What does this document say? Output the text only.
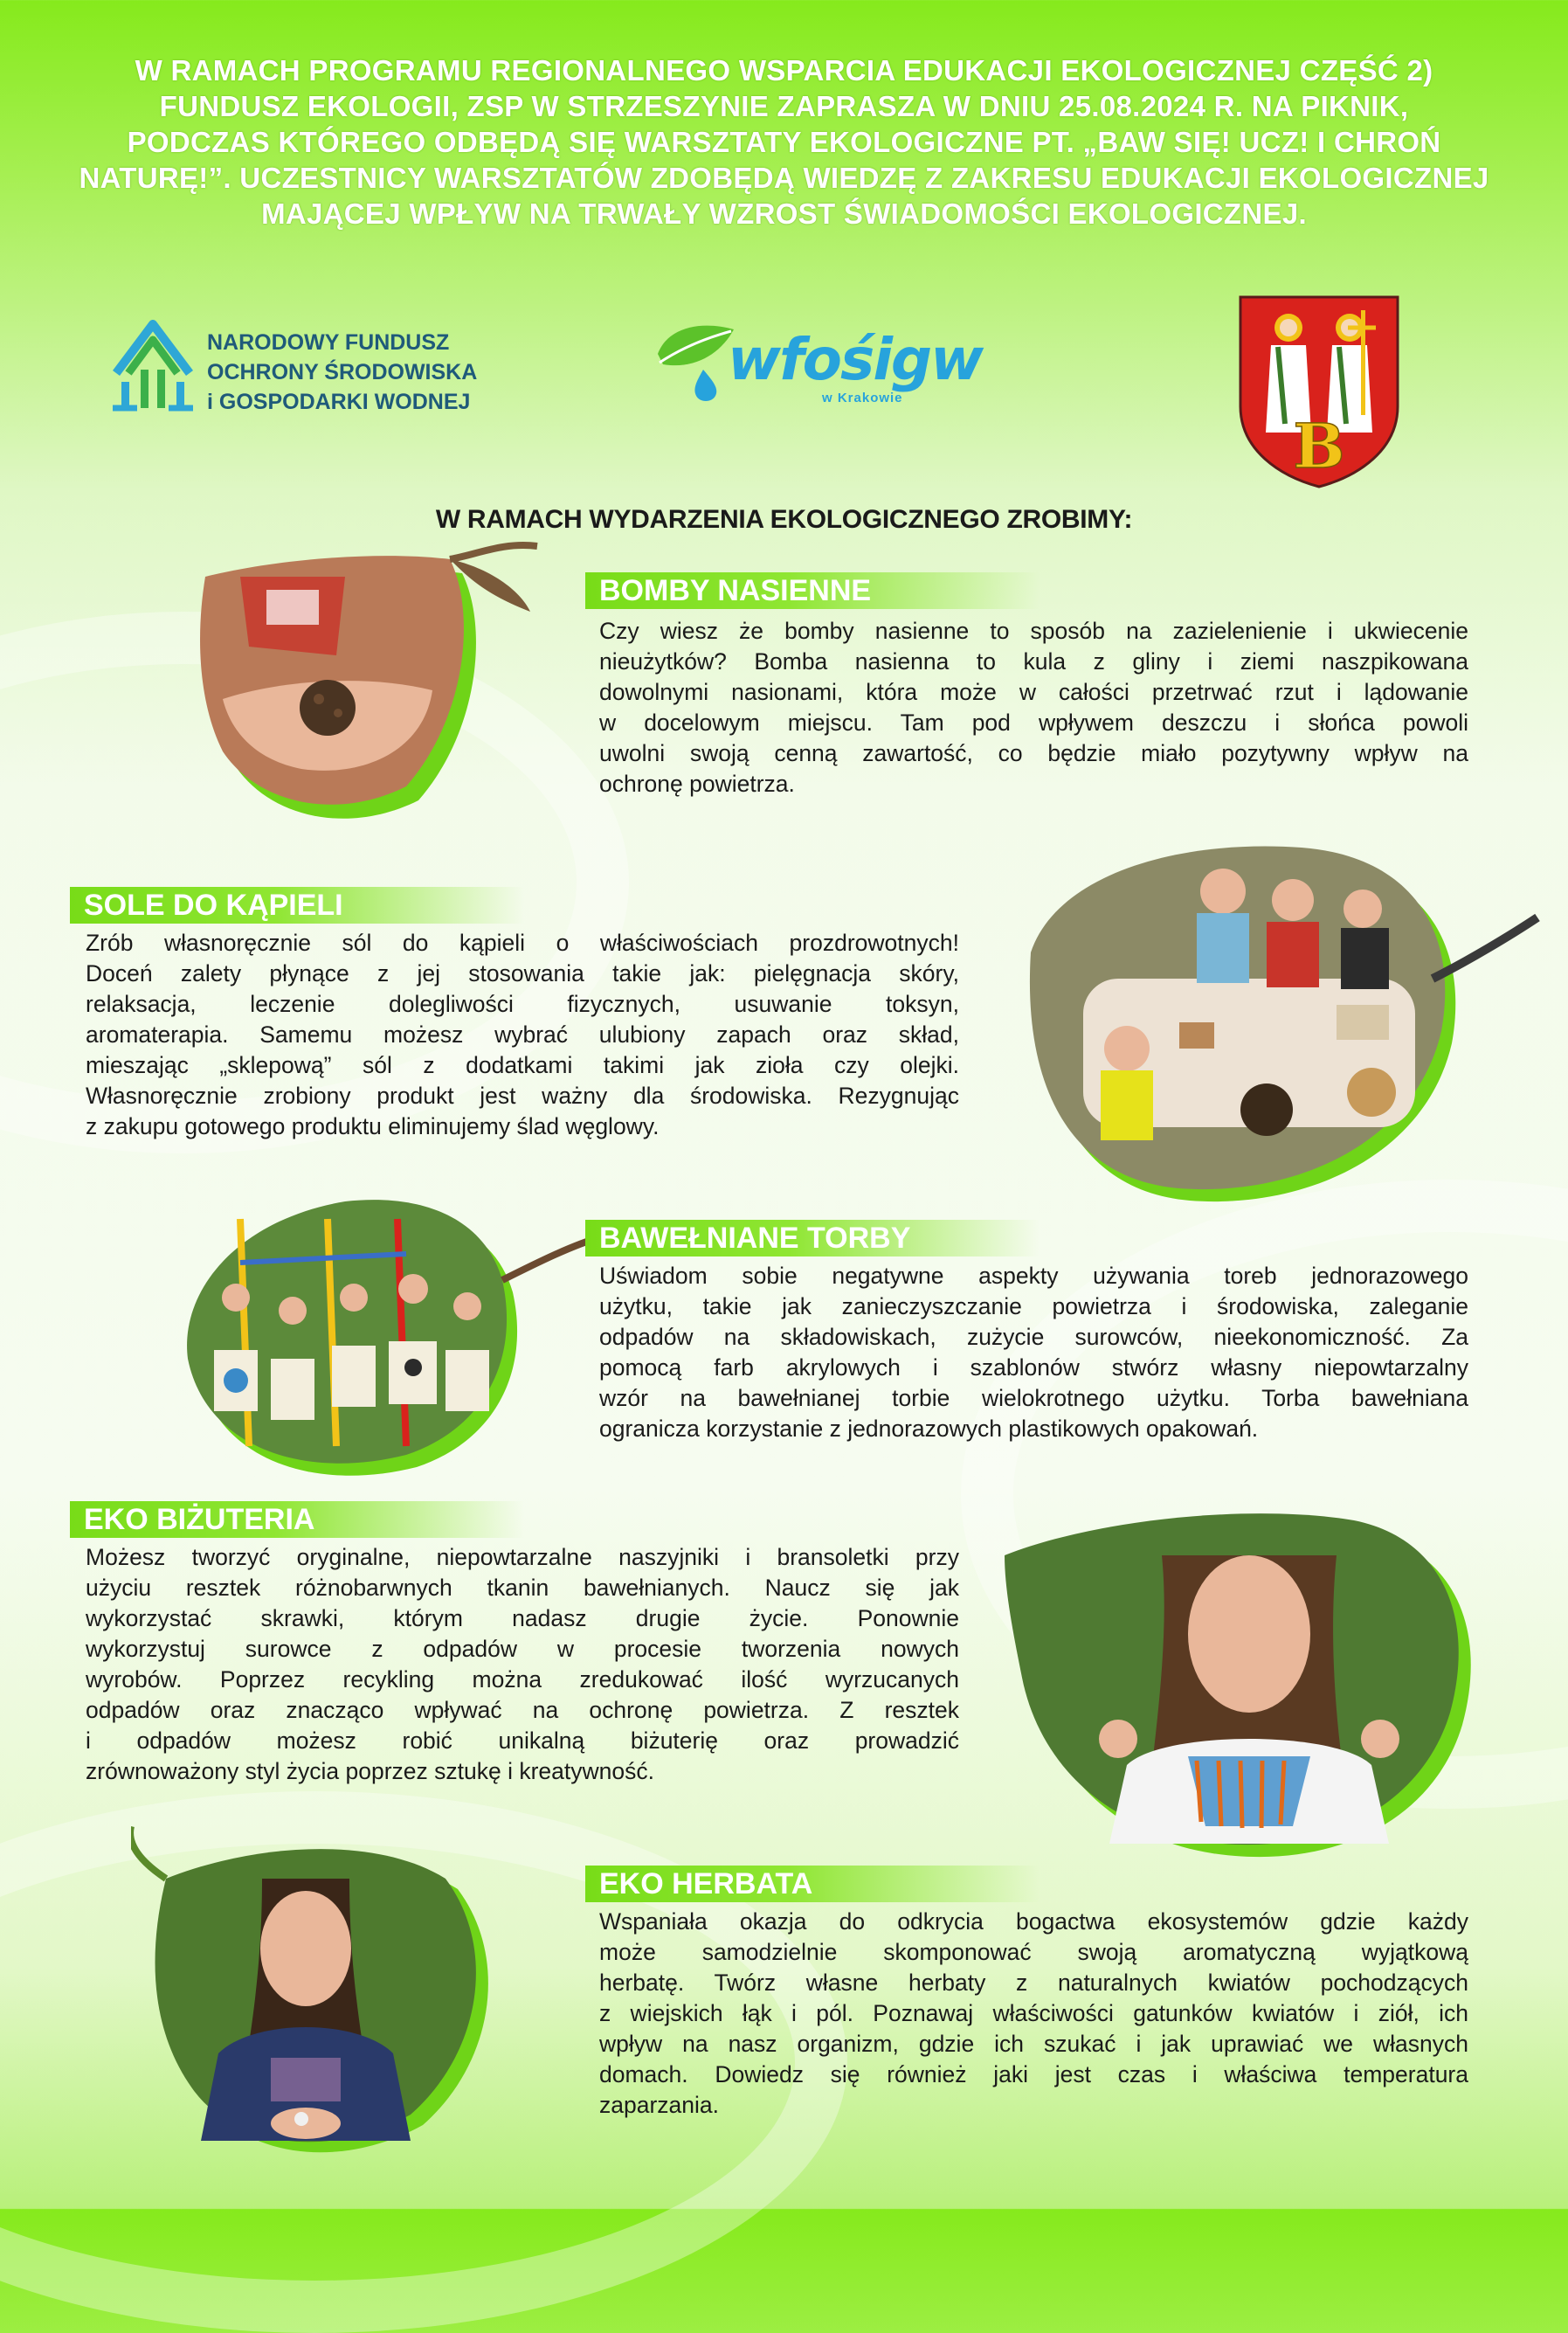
W RAMACH PROGRAMU REGIONALNEGO WSPARCIA EDUKACJI EKOLOGICZNEJ CZĘŚĆ 2)
FUNDUSZ EKOLOGII, ZSP W STRZESZYNIE ZAPRASZA W DNIU 25.08.2024 R. NA PIKNIK,
PODCZAS KTÓREGO ODBĘDĄ SIĘ WARSZTATY EKOLOGICZNE PT. „BAW SIĘ! UCZ! I CHROŃ
NATURĘ!”. UCZESTNICY WARSZTATÓW ZDOBĘDĄ WIEDZĘ Z ZAKRESU EDUKACJI EKOLOGICZNEJ
MAJĄCEJ WPŁYW NA TRWAŁY WZROST ŚWIADOMOŚCI EKOLOGICZNEJ.
NARODOWY FUNDUSZ
OCHRONY ŚRODOWISKA
i GOSPODARKI WODNEJ
wfośigw
w Krakowie
B
W RAMACH WYDARZENIA EKOLOGICZNEGO ZROBIMY:
BOMBY NASIENNE
Czy wiesz że bomby nasienne to sposób na zazielenienie i ukwiecenie
nieużytków? Bomba nasienna to kula z gliny i ziemi naszpikowana
dowolnymi nasionami, która może w całości przetrwać rzut i lądowanie
w docelowym miejscu. Tam pod wpływem deszczu i słońca powoli
uwolni swoją cenną zawartość, co będzie miało pozytywny wpływ na
ochronę powietrza.
SOLE DO KĄPIELI
Zrób własnoręcznie sól do kąpieli o właściwościach prozdrowotnych!
Doceń zalety płynące z jej stosowania takie jak: pielęgnacja skóry,
relaksacja, leczenie dolegliwości fizycznych, usuwanie toksyn,
aromaterapia. Samemu możesz wybrać ulubiony zapach oraz skład,
mieszając „sklepową” sól z dodatkami takimi jak zioła czy olejki.
Własnoręcznie zrobiony produkt jest ważny dla środowiska. Rezygnując
z zakupu gotowego produktu eliminujemy ślad węglowy.
BAWEŁNIANE TORBY
Uświadom sobie negatywne aspekty używania toreb jednorazowego
użytku, takie jak zanieczyszczanie powietrza i środowiska, zaleganie
odpadów na składowiskach, zużycie surowców, nieekonomiczność. Za
pomocą farb akrylowych i szablonów stwórz własny niepowtarzalny
wzór na bawełnianej torbie wielokrotnego użytku. Torba bawełniana
ogranicza korzystanie z jednorazowych plastikowych opakowań.
EKO BIŻUTERIA
Możesz tworzyć oryginalne, niepowtarzalne naszyjniki i bransoletki przy
użyciu resztek różnobarwnych tkanin bawełnianych. Naucz się jak
wykorzystać skrawki, którym nadasz drugie życie. Ponownie
wykorzystuj surowce z odpadów w procesie tworzenia nowych
wyrobów. Poprzez recykling można zredukować ilość wyrzucanych
odpadów oraz znacząco wpływać na ochronę powietrza. Z resztek
i odpadów możesz robić unikalną biżuterię oraz prowadzić
zrównoważony styl życia poprzez sztukę i kreatywność.
EKO HERBATA
Wspaniała okazja do odkrycia bogactwa ekosystemów gdzie każdy
może samodzielnie skomponować swoją aromatyczną wyjątkową
herbatę. Twórz własne herbaty z naturalnych kwiatów pochodzących
z wiejskich łąk i pól. Poznawaj właściwości gatunków kwiatów i ziół, ich
wpływ na nasz organizm, gdzie ich szukać i jak uprawiać we własnych
domach. Dowiedz się również jaki jest czas i właściwa temperatura
zaparzania.
